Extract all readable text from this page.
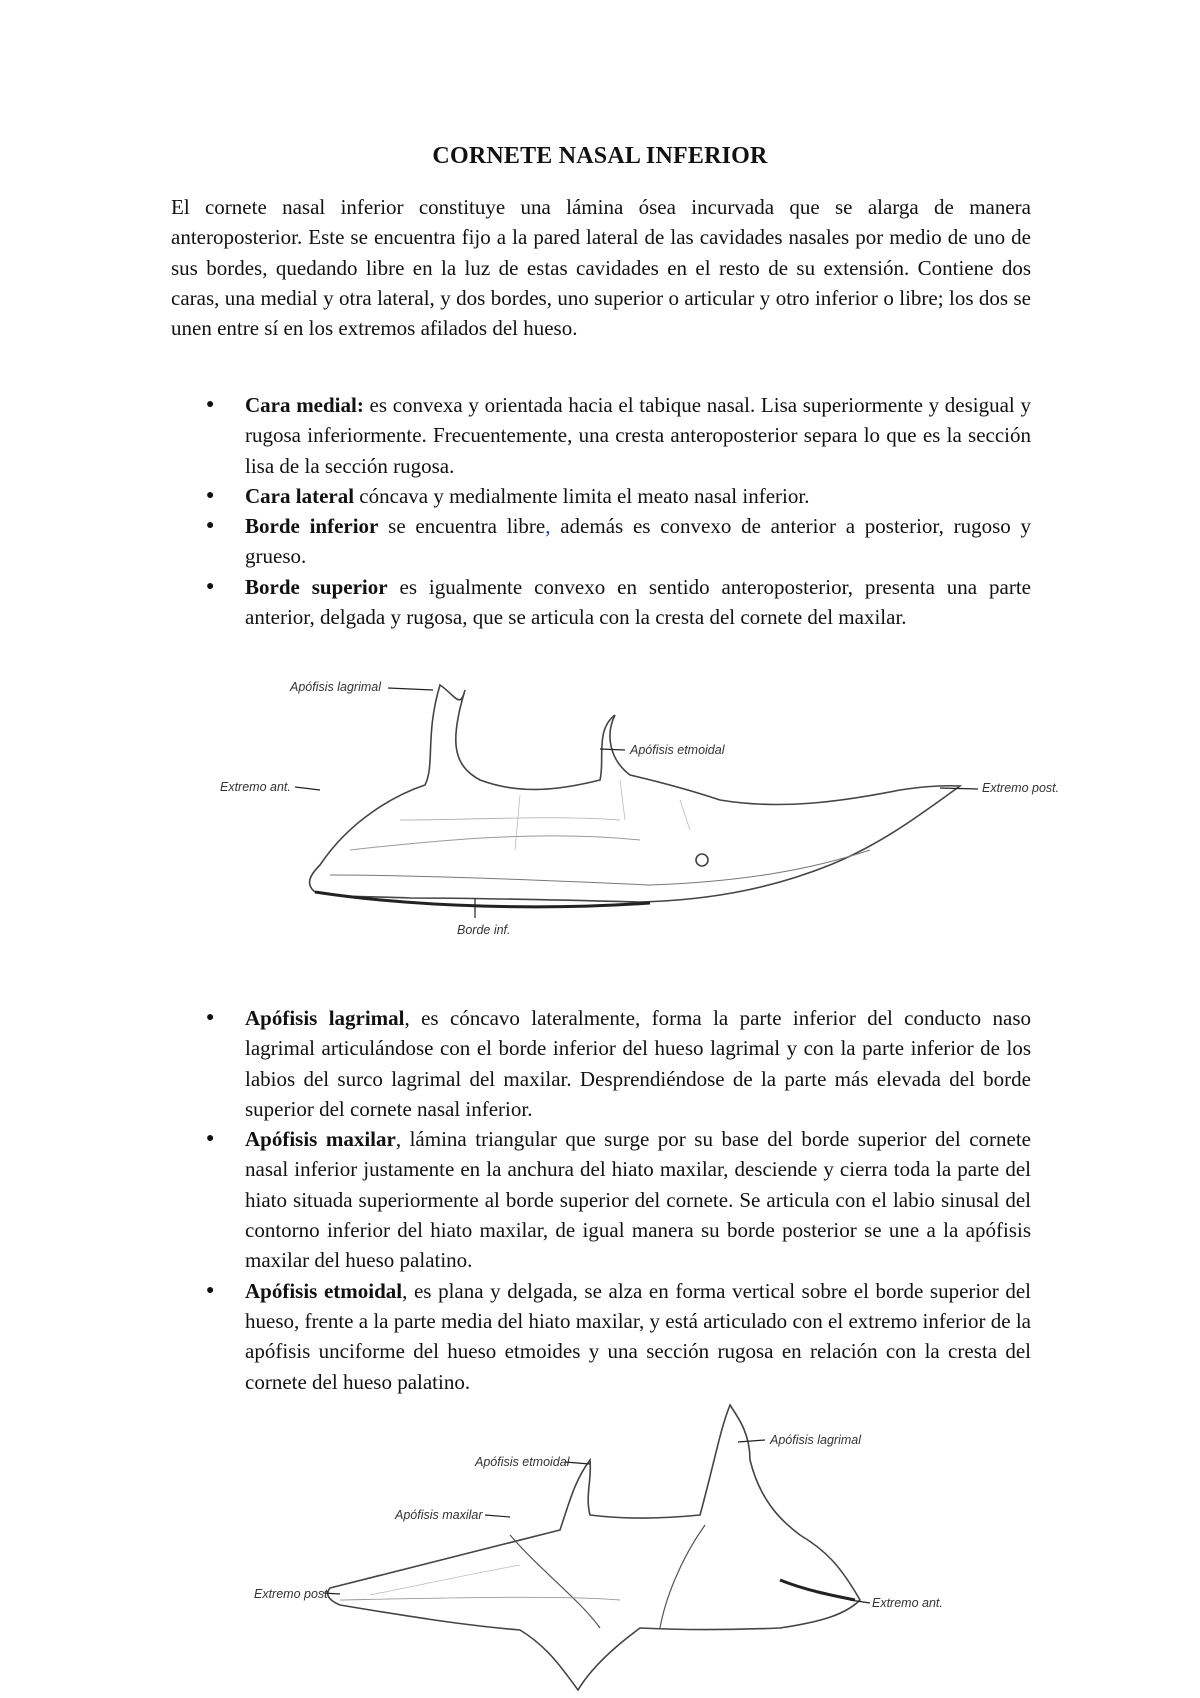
CORNETE NASAL INFERIOR

El cornete nasal inferior constituye una lámina ósea incurvada que se alarga de manera anteroposterior. Este se encuentra fijo a la pared lateral de las cavidades nasales por medio de uno de sus bordes, quedando libre en la luz de estas cavidades en el resto de su extensión. Contiene dos caras, una medial y otra lateral, y dos bordes, uno superior o articular y otro inferior o libre; los dos se unen entre sí en los extremos afilados del hueso.

● Cara medial: es convexa y orientada hacia el tabique nasal. Lisa superiormente y desigual y rugosa inferiormente. Frecuentemente, una cresta anteroposterior separa lo que es la sección lisa de la sección rugosa.
● Cara lateral cóncava y medialmente limita el meato nasal inferior.
● Borde inferior se encuentra libre, además es convexo de anterior a posterior, rugoso y grueso.
● Borde superior es igualmente convexo en sentido anteroposterior, presenta una parte anterior, delgada y rugosa, que se articula con la cresta del cornete del maxilar.
Apófisis lagrimal
Apófisis etmoidal
Extremo ant.	Extremo post.
Borde inf.
● Apófisis lagrimal, es cóncavo lateralmente, forma la parte inferior del conducto naso lagrimal articulándose con el borde inferior del hueso lagrimal y con la parte inferior de los labios del surco lagrimal del maxilar. Desprendiéndose de la parte más elevada del borde superior del cornete nasal inferior.
● Apófisis maxilar, lámina triangular que surge por su base del borde superior del cornete nasal inferior justamente en la anchura del hiato maxilar, desciende y cierra toda la parte del hiato situada superiormente al borde superior del cornete. Se articula con el labio sinusal del contorno inferior del hiato maxilar, de igual manera su borde posterior se une a la apófisis maxilar del hueso palatino.
● Apófisis etmoidal, es plana y delgada, se alza en forma vertical sobre el borde superior del hueso, frente a la parte media del hiato maxilar, y está articulado con el extremo inferior de la apófisis unciforme del hueso etmoides y una sección rugosa en relación con la cresta del cornete del hueso palatino.
Apófisis etmoidal
Apófisis lagrimal
Apófisis maxilar
Extremo post.
Extremo ant.
